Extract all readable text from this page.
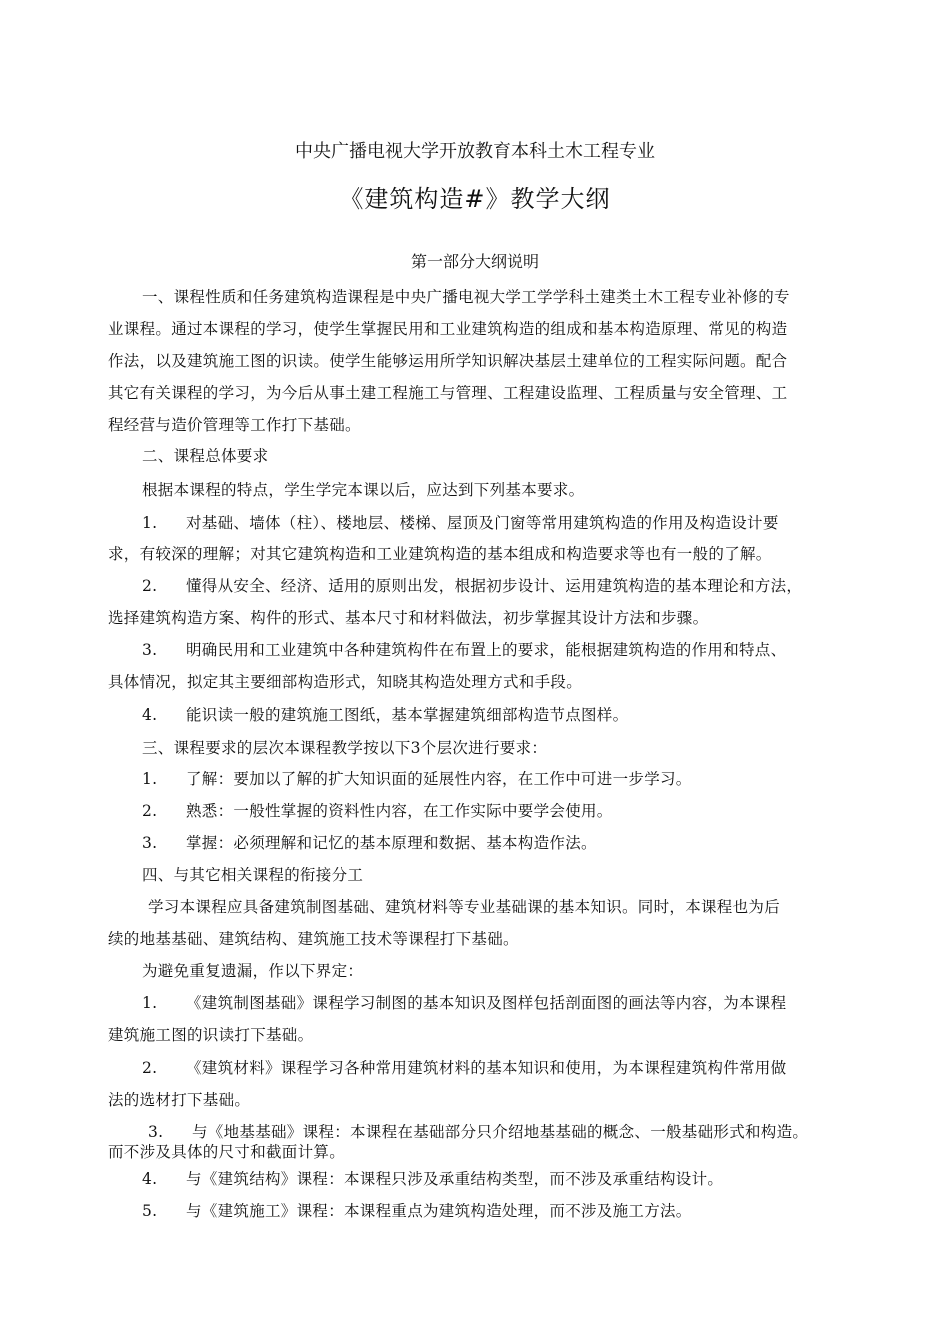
中央广播电视大学开放教育本科土木工程专业
《建筑构造#》教学大纲
第一部分大纲说明
一、课程性质和任务建筑构造课程是中央广播电视大学工学学科土建类土木工程专业补修的专
业课程。通过本课程的学习，使学生掌握民用和工业建筑构造的组成和基本构造原理、常见的构造
作法，以及建筑施工图的识读。使学生能够运用所学知识解决基层土建单位的工程实际问题。配合
其它有关课程的学习，为今后从事土建工程施工与管理、工程建设监理、工程质量与安全管理、工
程经营与造价管理等工作打下基础。
二、课程总体要求
根据本课程的特点，学生学完本课以后，应达到下列基本要求。
1. 对基础、墙体（柱）、楼地层、楼梯、屋顶及门窗等常用建筑构造的作用及构造设计要
求，有较深的理解；对其它建筑构造和工业建筑构造的基本组成和构造要求等也有一般的了解。
2. 懂得从安全、经济、适用的原则出发，根据初步设计、运用建筑构造的基本理论和方法，
选择建筑构造方案、构件的形式、基本尺寸和材料做法，初步掌握其设计方法和步骤。
3. 明确民用和工业建筑中各种建筑构件在布置上的要求，能根据建筑构造的作用和特点、
具体情况，拟定其主要细部构造形式，知晓其构造处理方式和手段。
4. 能识读一般的建筑施工图纸，基本掌握建筑细部构造节点图样。
三、课程要求的层次本课程教学按以下3个层次进行要求：
1. 了解：要加以了解的扩大知识面的延展性内容，在工作中可进一步学习。
2. 熟悉：一般性掌握的资料性内容，在工作实际中要学会使用。
3. 掌握：必须理解和记忆的基本原理和数据、基本构造作法。
四、与其它相关课程的衔接分工
学习本课程应具备建筑制图基础、建筑材料等专业基础课的基本知识。同时，本课程也为后
续的地基基础、建筑结构、建筑施工技术等课程打下基础。
为避免重复遗漏，作以下界定：
1. 《建筑制图基础》课程学习制图的基本知识及图样包括剖面图的画法等内容，为本课程
建筑施工图的识读打下基础。
2. 《建筑材料》课程学习各种常用建筑材料的基本知识和使用，为本课程建筑构件常用做
法的选材打下基础。
3. 与《地基基础》课程：本课程在基础部分只介绍地基基础的概念、一般基础形式和构造。
而不涉及具体的尺寸和截面计算。
4. 与《建筑结构》课程：本课程只涉及承重结构类型，而不涉及承重结构设计。
5. 与《建筑施工》课程：本课程重点为建筑构造处理，而不涉及施工方法。
